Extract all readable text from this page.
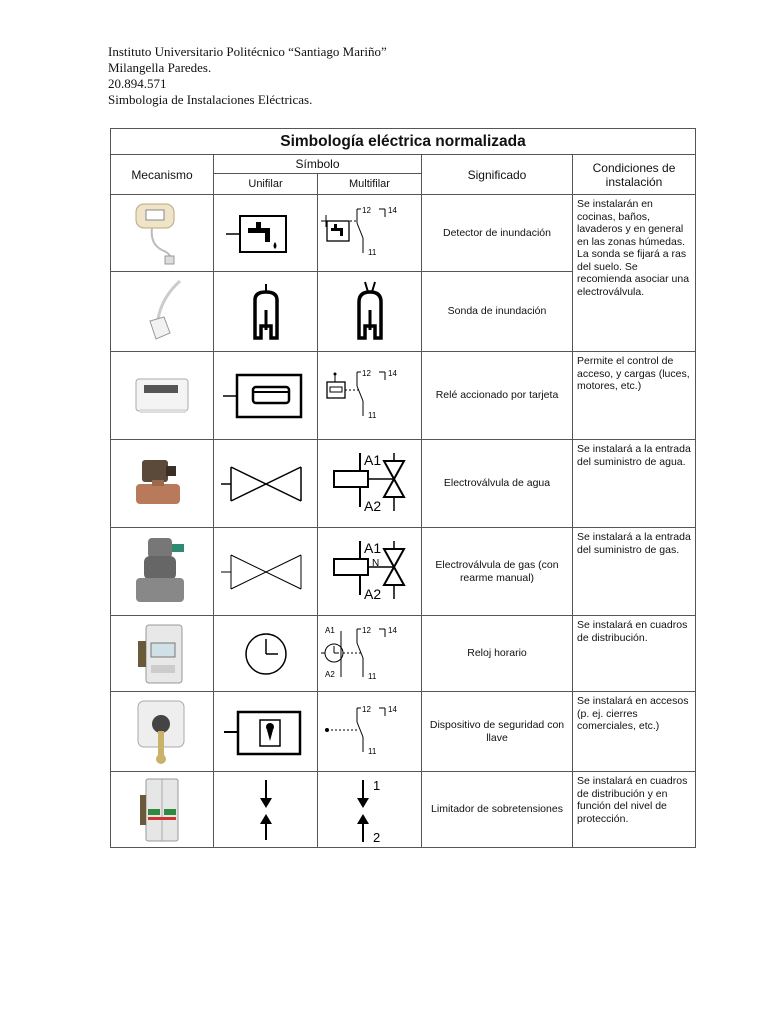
Instituto Universitario Politécnico “Santiago Mariño”
Milangella Paredes.
20.894.571
Simbologia de Instalaciones Eléctricas.
Simbología eléctrica normalizada				
Mecanismo	Símbolo		Significado	Condiciones de instalación
	Unifilar	Multifilar		

12 14
11	Detector de inundación	Se instalarán en cocinas, baños, lavaderos y en general en las zonas húmedas. La sonda se fijará a ras del suelo. Se recomienda asociar una electroválvula.

	Sonda de inundación	

12 14
11	Relé accionado por tarjeta	Permite el control de acceso, y cargas (luces, motores, etc.)

A1
A2	Electroválvula de agua	Se instalará a la entrada del suministro de agua.

A1
A2
N	Electroválvula de gas (con rearme manual)	Se instalará a la entrada del suministro de gas.

A1
A2
12 14
11	Reloj horario	Se instalará en cuadros de distribución.

12 14
11	Dispositivo de seguridad con llave	Se instalará en accesos (p. ej. cierres comerciales, etc.)

1
2	Limitador de sobretensiones	Se instalará en cuadros de distribución y en función del nivel de protección.
